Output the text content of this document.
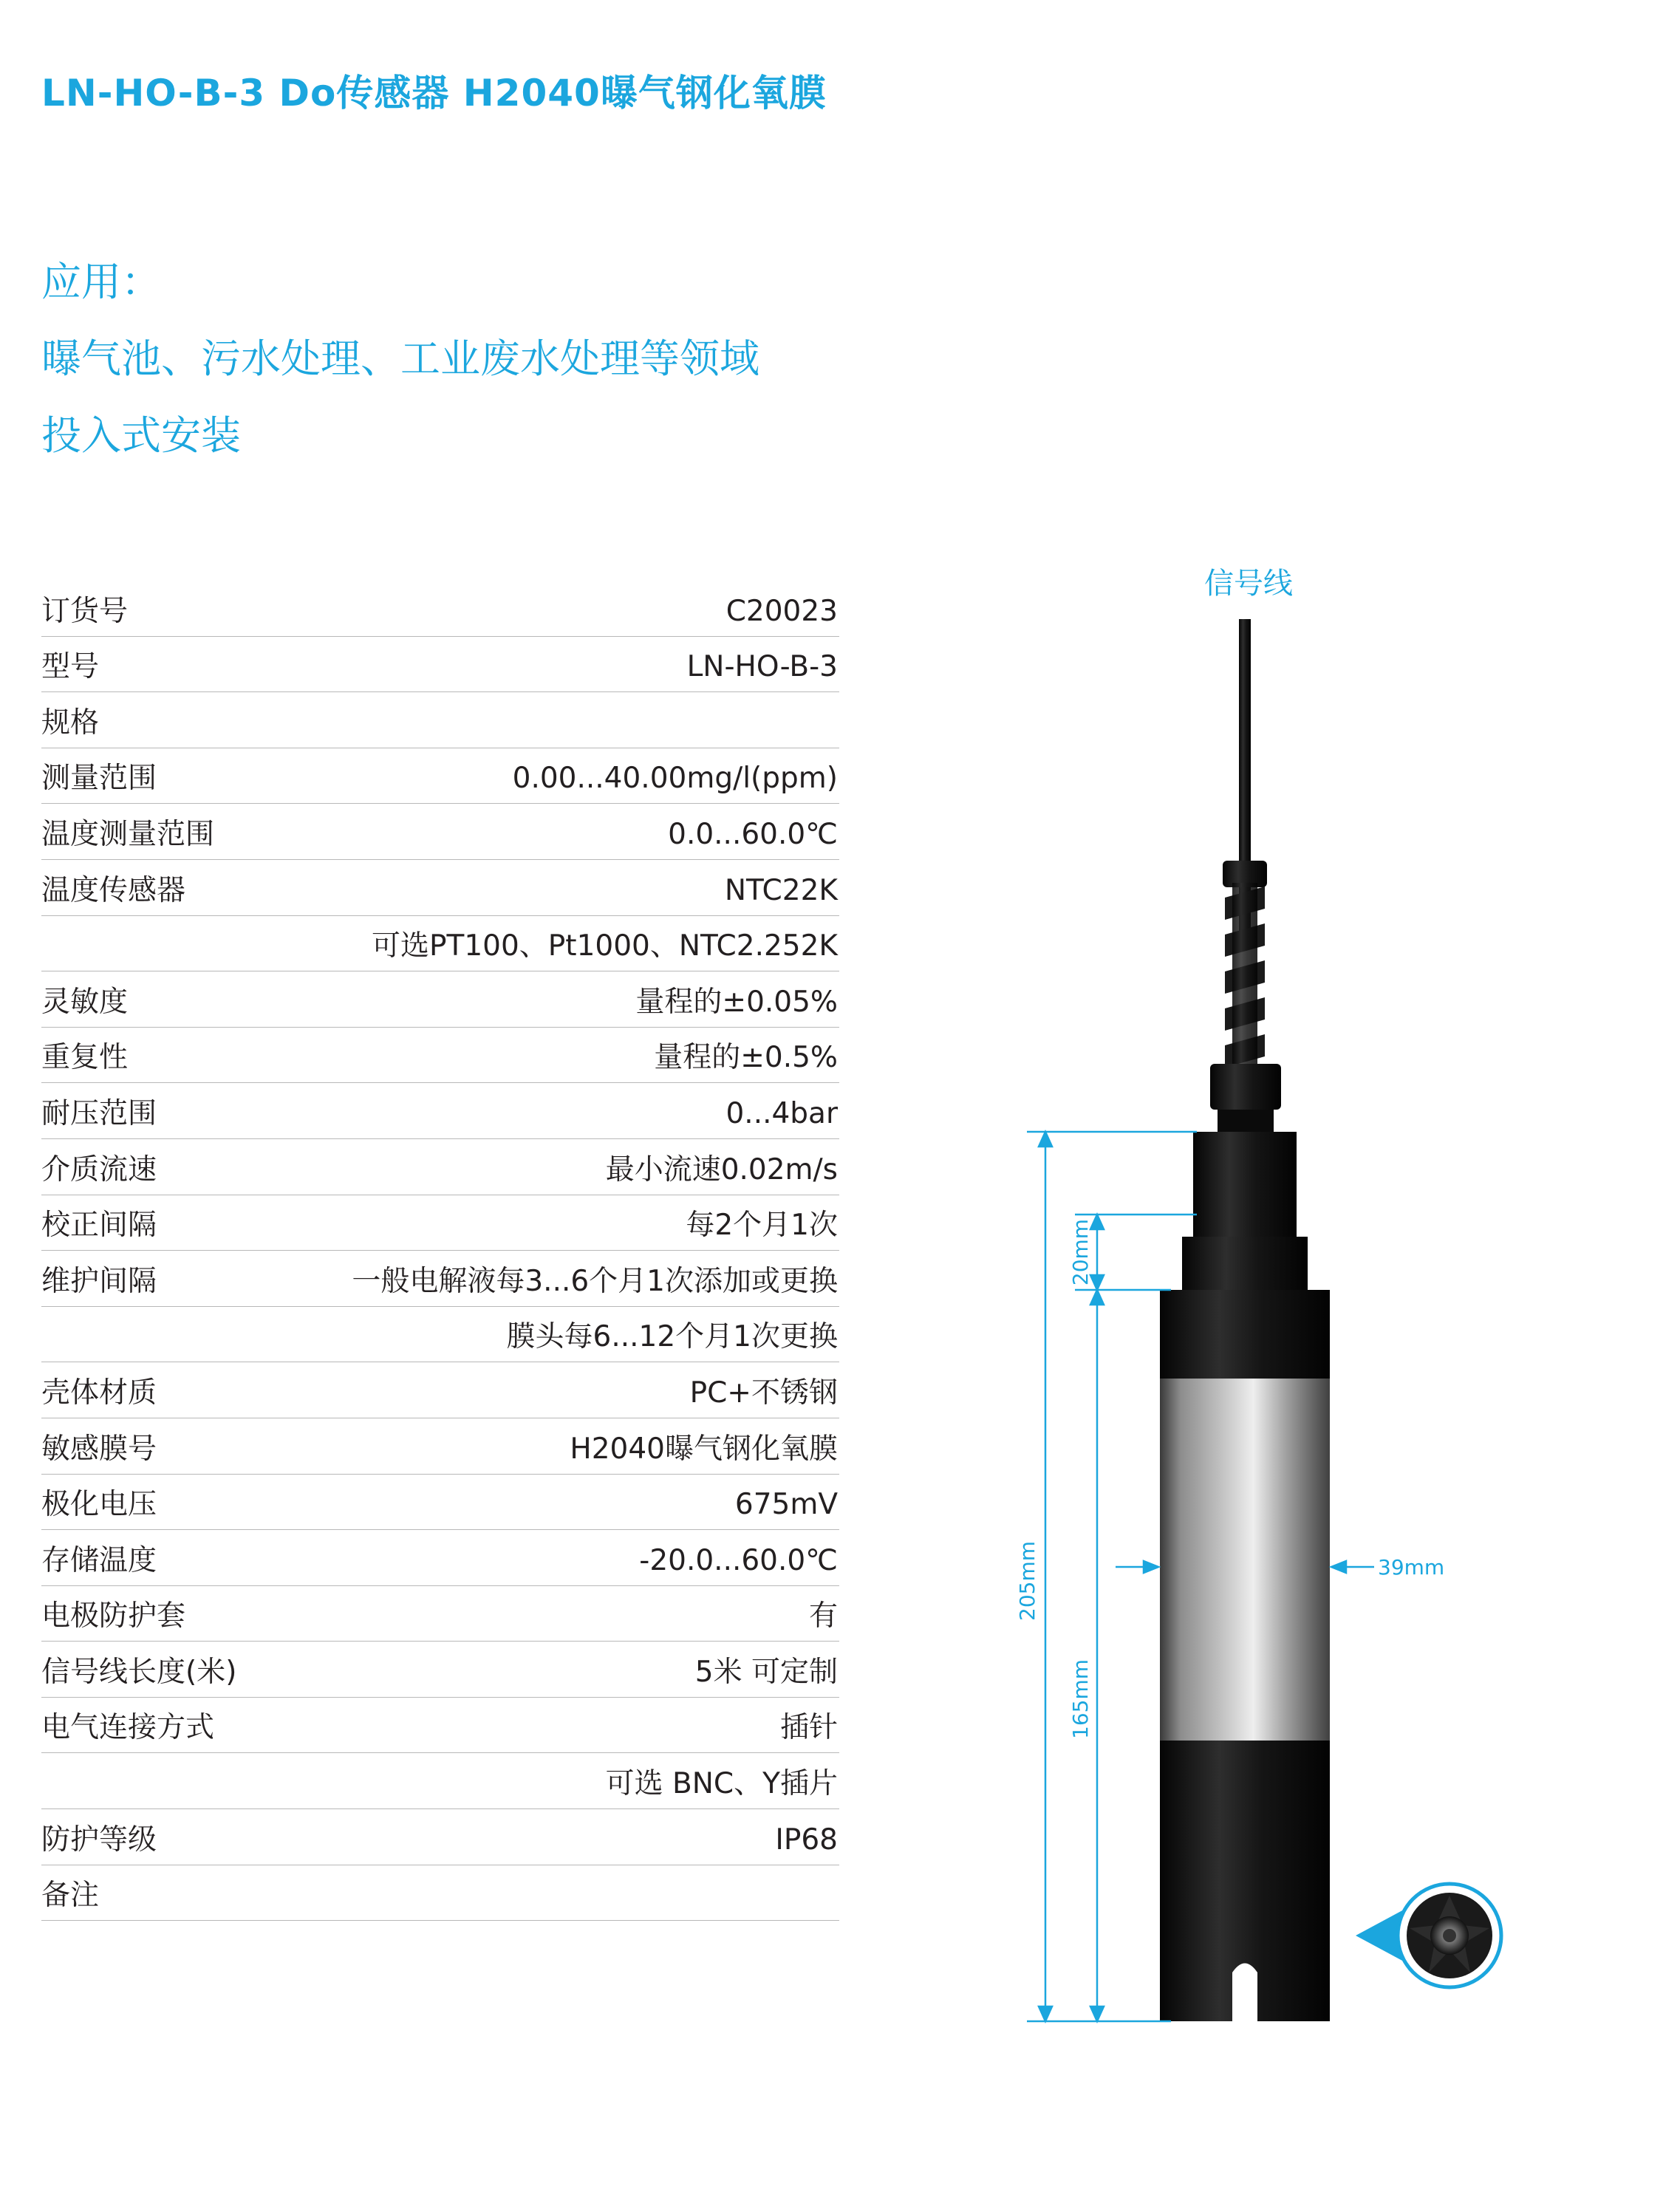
LN-HO-B-3 Do传感器 H2040曝气钢化氧膜
应用：
曝气池、污水处理、工业废水处理等领域
投入式安装
订货号	C20023
型号	LN-HO-B-3
规格
测量范围	0.00...40.00mg/l(ppm)
温度测量范围	0.0...60.0℃
温度传感器	NTC22K
可选PT100、Pt1000、NTC2.252K
灵敏度	量程的±0.05%
重复性	量程的±0.5%
耐压范围	0...4bar
介质流速	最小流速0.02m/s
校正间隔	每2个月1次
维护间隔	一般电解液每3...6个月1次添加或更换
膜头每6...12个月1次更换
壳体材质	PC+不锈钢
敏感膜号	H2040曝气钢化氧膜
极化电压	675mV
存储温度	-20.0...60.0℃
电极防护套	有
信号线长度(米)	5米 可定制
电气连接方式	插针
可选 BNC、Y插片
防护等级	IP68
备注
信号线
205mm
20mm
165mm
39mm
